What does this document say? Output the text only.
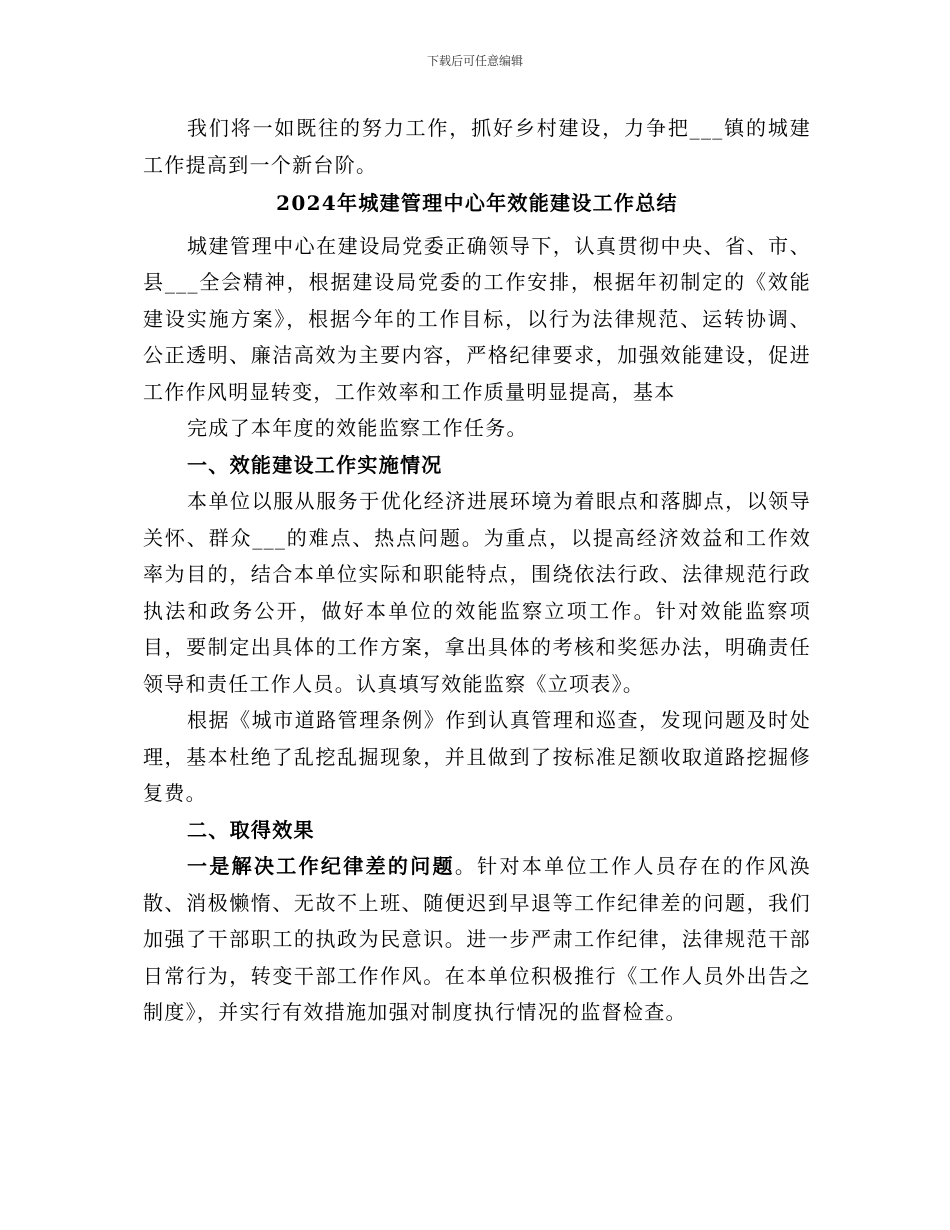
下载后可任意编辑

我们将一如既往的努力工作，抓好乡村建设，力争把___镇的城建工作提高到一个新台阶。

2024年城建管理中心年效能建设工作总结

城建管理中心在建设局党委正确领导下，认真贯彻中央、省、市、县___全会精神，根据建设局党委的工作安排，根据年初制定的《效能建设实施方案》，根据今年的工作目标，以行为法律规范、运转协调、公正透明、廉洁高效为主要内容，严格纪律要求，加强效能建设，促进工作作风明显转变，工作效率和工作质量明显提高，基本

完成了本年度的效能监察工作任务。

一、效能建设工作实施情况

本单位以服从服务于优化经济进展环境为着眼点和落脚点，以领导关怀、群众___的难点、热点问题。为重点，以提高经济效益和工作效率为目的，结合本单位实际和职能特点，围绕依法行政、法律规范行政执法和政务公开，做好本单位的效能监察立项工作。针对效能监察项目，要制定出具体的工作方案，拿出具体的考核和奖惩办法，明确责任领导和责任工作人员。认真填写效能监察《立项表》。

根据《城市道路管理条例》作到认真管理和巡查，发现问题及时处理，基本杜绝了乱挖乱掘现象，并且做到了按标准足额收取道路挖掘修复费。

二、取得效果

一是解决工作纪律差的问题。针对本单位工作人员存在的作风涣散、消极懒惰、无故不上班、随便迟到早退等工作纪律差的问题，我们加强了干部职工的执政为民意识。进一步严肃工作纪律，法律规范干部日常行为，转变干部工作作风。在本单位积极推行《工作人员外出告之制度》，并实行有效措施加强对制度执行情况的监督检查。
